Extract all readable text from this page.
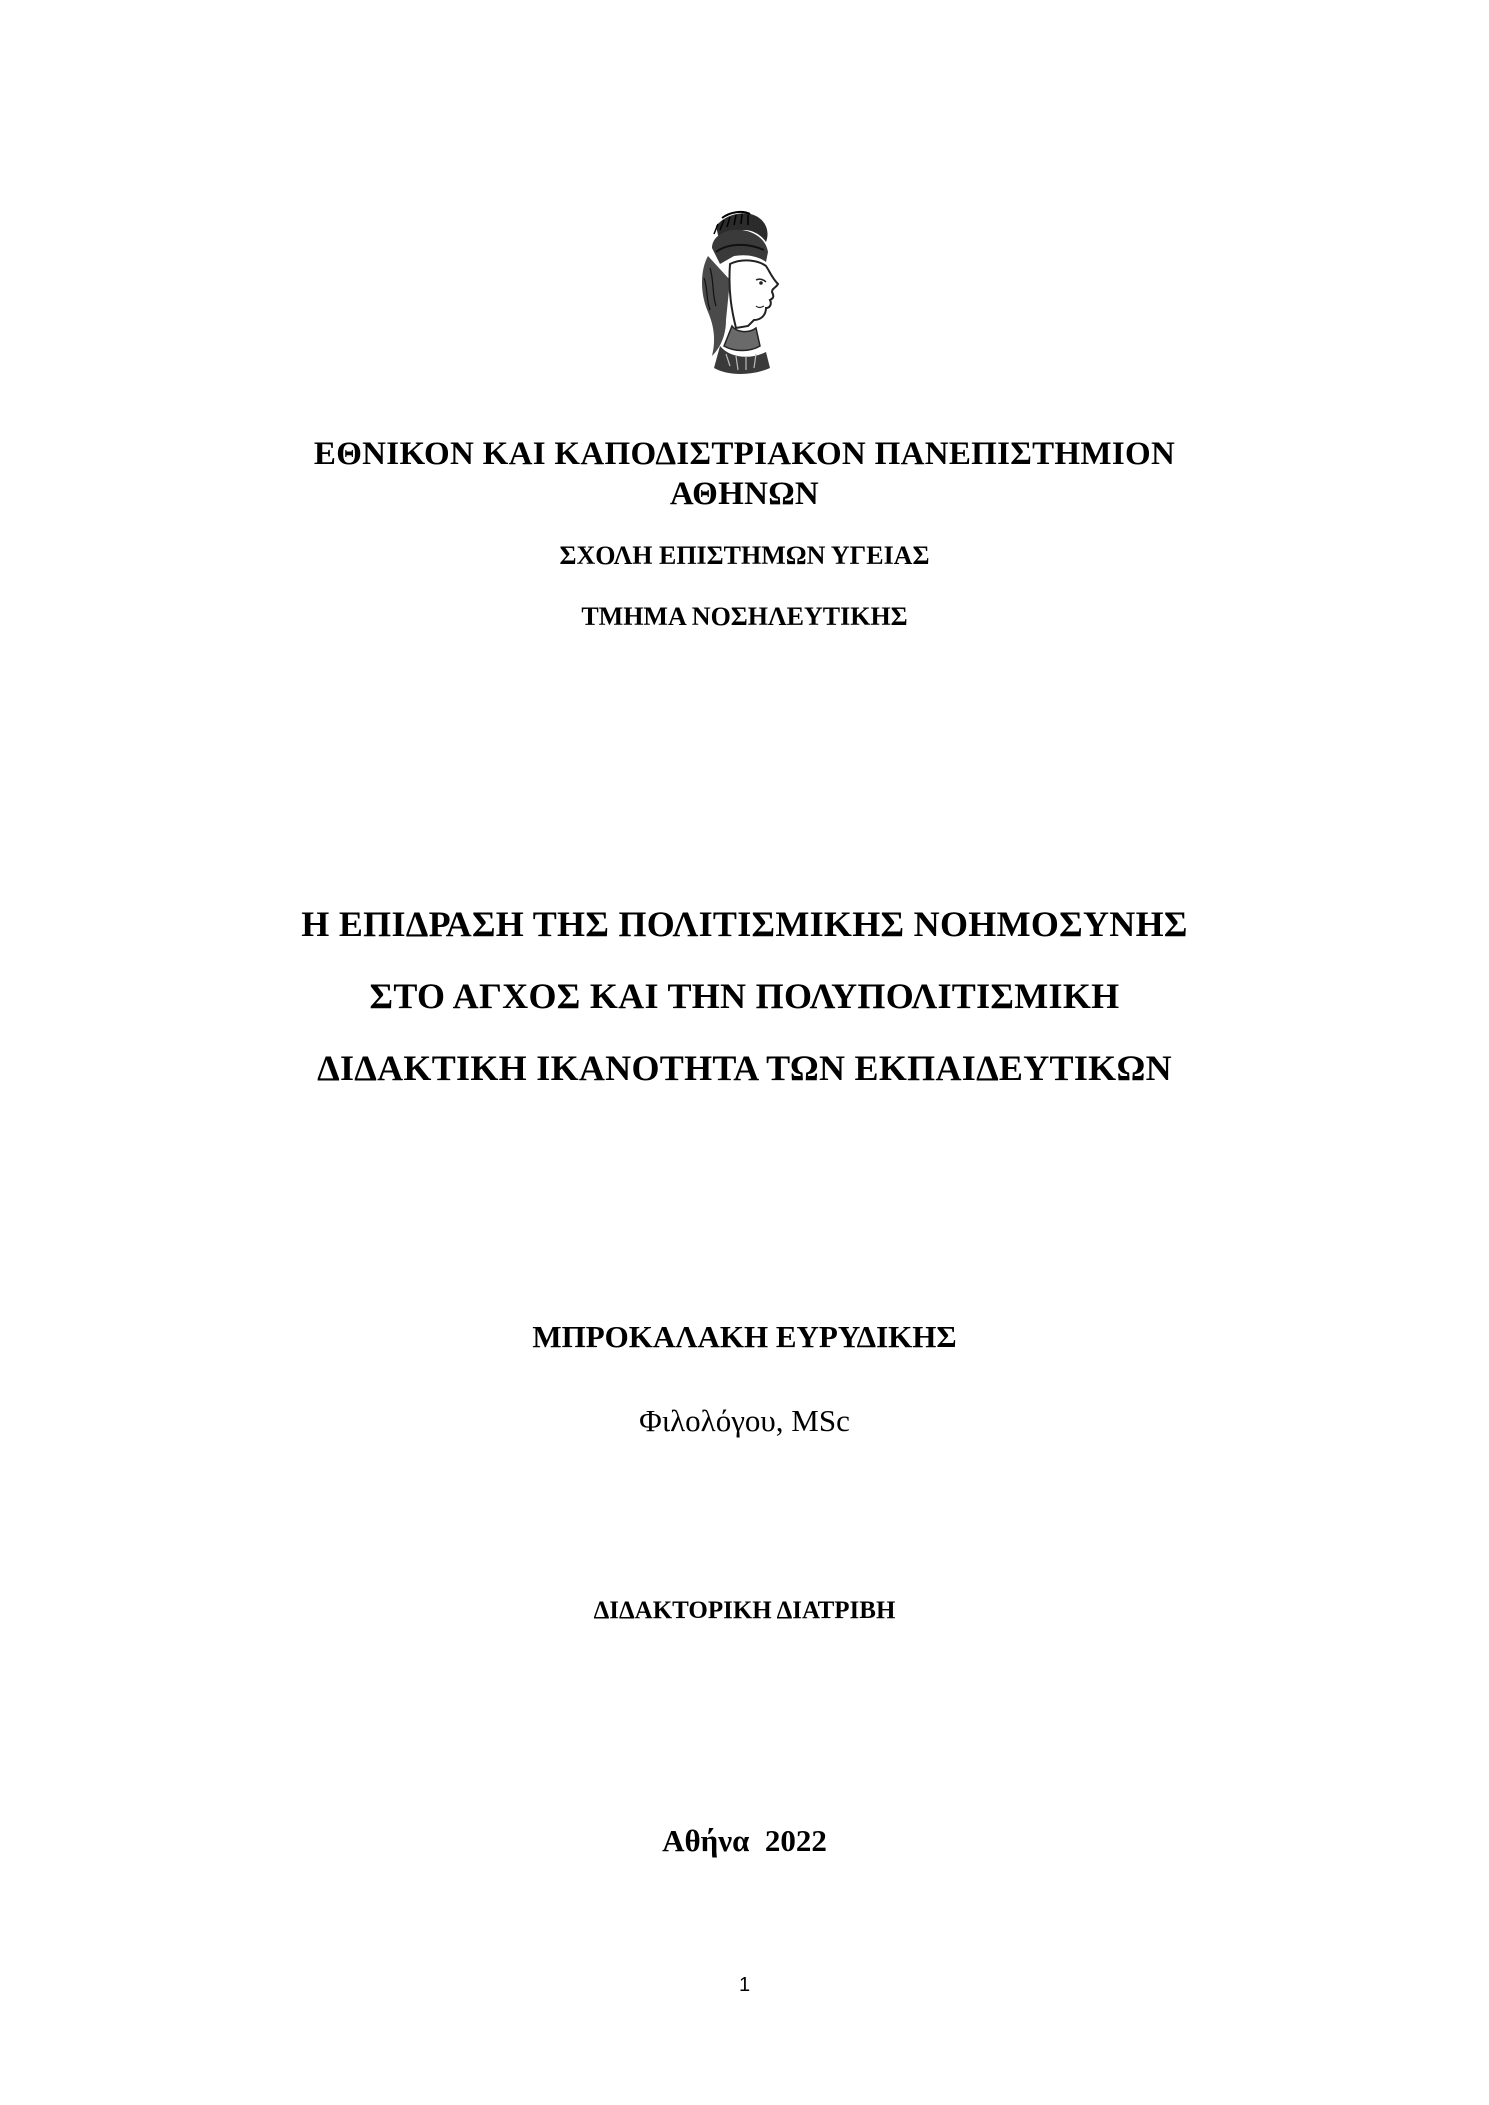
ΕΘΝΙΚΟΝ ΚΑΙ ΚΑΠΟΔΙΣΤΡΙΑΚΟΝ ΠΑΝΕΠΙΣΤΗΜΙΟΝ
ΑΘΗΝΩΝ
ΣΧΟΛΗ ΕΠΙΣΤΗΜΩΝ ΥΓΕΙΑΣ
ΤΜΗΜΑ ΝΟΣΗΛΕΥΤΙΚΗΣ
Η ΕΠΙΔΡΑΣΗ ΤΗΣ ΠΟΛΙΤΙΣΜΙΚΗΣ ΝΟΗΜΟΣΥΝΗΣ
ΣΤΟ ΑΓΧΟΣ ΚΑΙ ΤΗΝ ΠΟΛΥΠΟΛΙΤΙΣΜΙΚΗ
ΔΙΔΑΚΤΙΚΗ ΙΚΑΝΟΤΗΤΑ ΤΩΝ ΕΚΠΑΙΔΕΥΤΙΚΩΝ
ΜΠΡΟΚΑΛΑΚΗ ΕΥΡΥΔΙΚΗΣ
Φιλολόγου, MSc
ΔΙΔΑΚΤΟΡΙΚΗ ΔΙΑΤΡΙΒΗ
Αθήνα  2022
1
